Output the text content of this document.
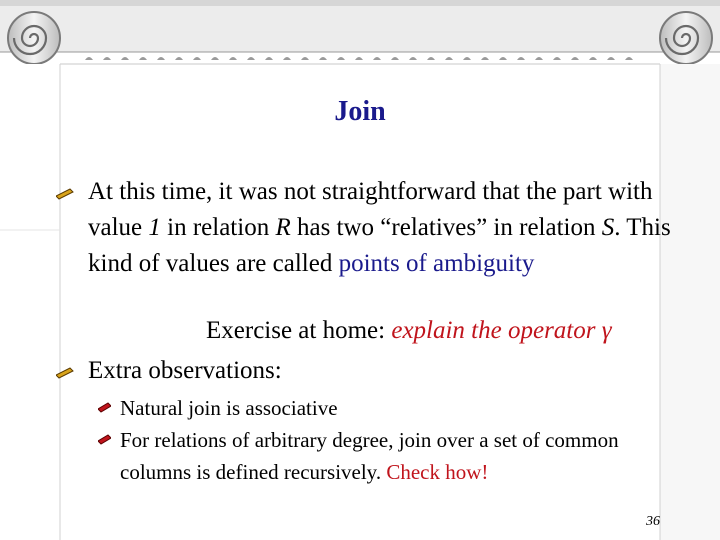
Join
At this time, it was not straightforward that the part with value 1 in relation R has two “relatives” in relation S. This kind of values are called points of ambiguity
Exercise at home: explain the operator γ
Extra observations:
Natural join is associative
For relations of arbitrary degree, join over a set of common columns is defined recursively. Check how!
36
